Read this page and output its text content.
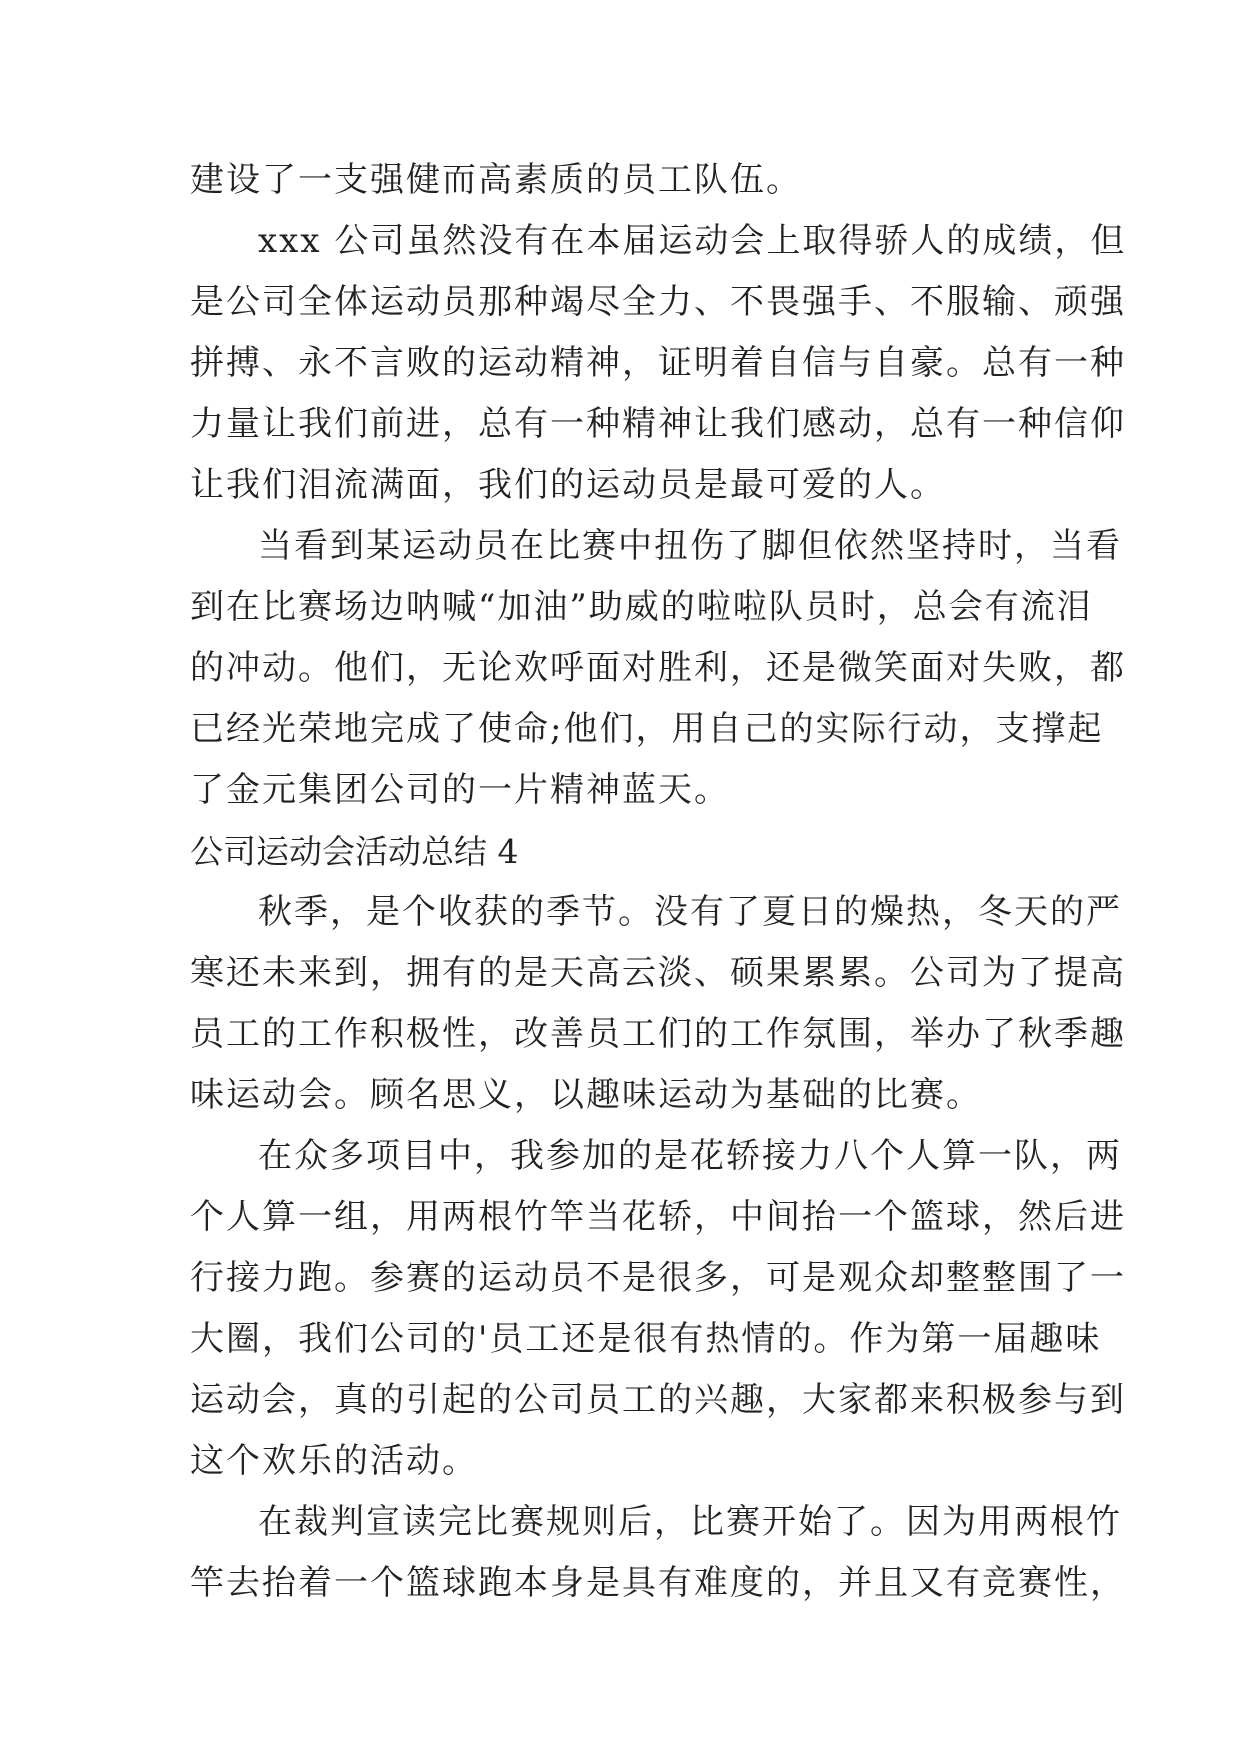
建设了一支强健而高素质的员工队伍。
xxx 公司虽然没有在本届运动会上取得骄人的成绩，但
是公司全体运动员那种竭尽全力、不畏强手、不服输、顽强
拼搏、永不言败的运动精神，证明着自信与自豪。总有一种
力量让我们前进，总有一种精神让我们感动，总有一种信仰
让我们泪流满面，我们的运动员是最可爱的人。
当看到某运动员在比赛中扭伤了脚但依然坚持时，当看
到在比赛场边呐喊“加油”助威的啦啦队员时，总会有流泪
的冲动。他们，无论欢呼面对胜利，还是微笑面对失败，都
已经光荣地完成了使命;他们，用自己的实际行动，支撑起
了金元集团公司的一片精神蓝天。
公司运动会活动总结 4
秋季，是个收获的季节。没有了夏日的燥热，冬天的严
寒还未来到，拥有的是天高云淡、硕果累累。公司为了提高
员工的工作积极性，改善员工们的工作氛围，举办了秋季趣
味运动会。顾名思义，以趣味运动为基础的比赛。
在众多项目中，我参加的是花轿接力八个人算一队，两
个人算一组，用两根竹竿当花轿，中间抬一个篮球，然后进
行接力跑。参赛的运动员不是很多，可是观众却整整围了一
大圈，我们公司的'员工还是很有热情的。作为第一届趣味
运动会，真的引起的公司员工的兴趣，大家都来积极参与到
这个欢乐的活动。
在裁判宣读完比赛规则后，比赛开始了。因为用两根竹
竿去抬着一个篮球跑本身是具有难度的，并且又有竞赛性，
